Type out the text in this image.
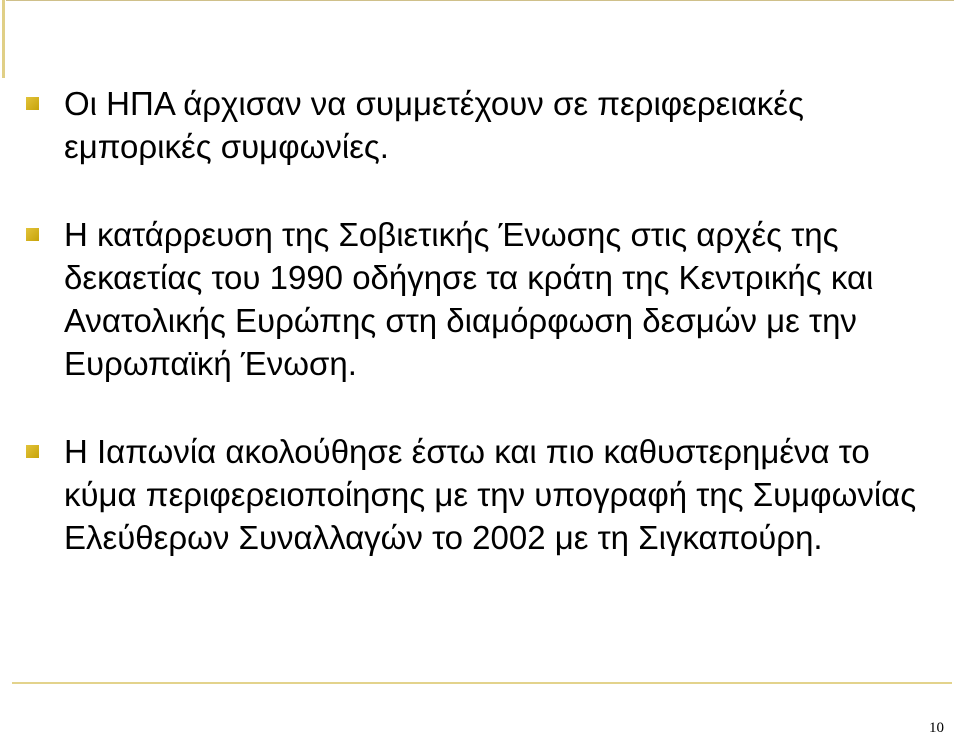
Οι ΗΠΑ άρχισαν να συμμετέχουν σε περιφερειακές εμπορικές συμφωνίες.
Η κατάρρευση της Σοβιετικής Ένωσης στις αρχές της δεκαετίας του 1990 οδήγησε τα κράτη της Κεντρικής και Ανατολικής Ευρώπης στη διαμόρφωση δεσμών με την Ευρωπαϊκή Ένωση.
Η Ιαπωνία ακολούθησε έστω και πιο καθυστερημένα το κύμα περιφερειοποίησης με την υπογραφή της Συμφωνίας Ελεύθερων Συναλλαγών το 2002 με τη Σιγκαπούρη.
10
